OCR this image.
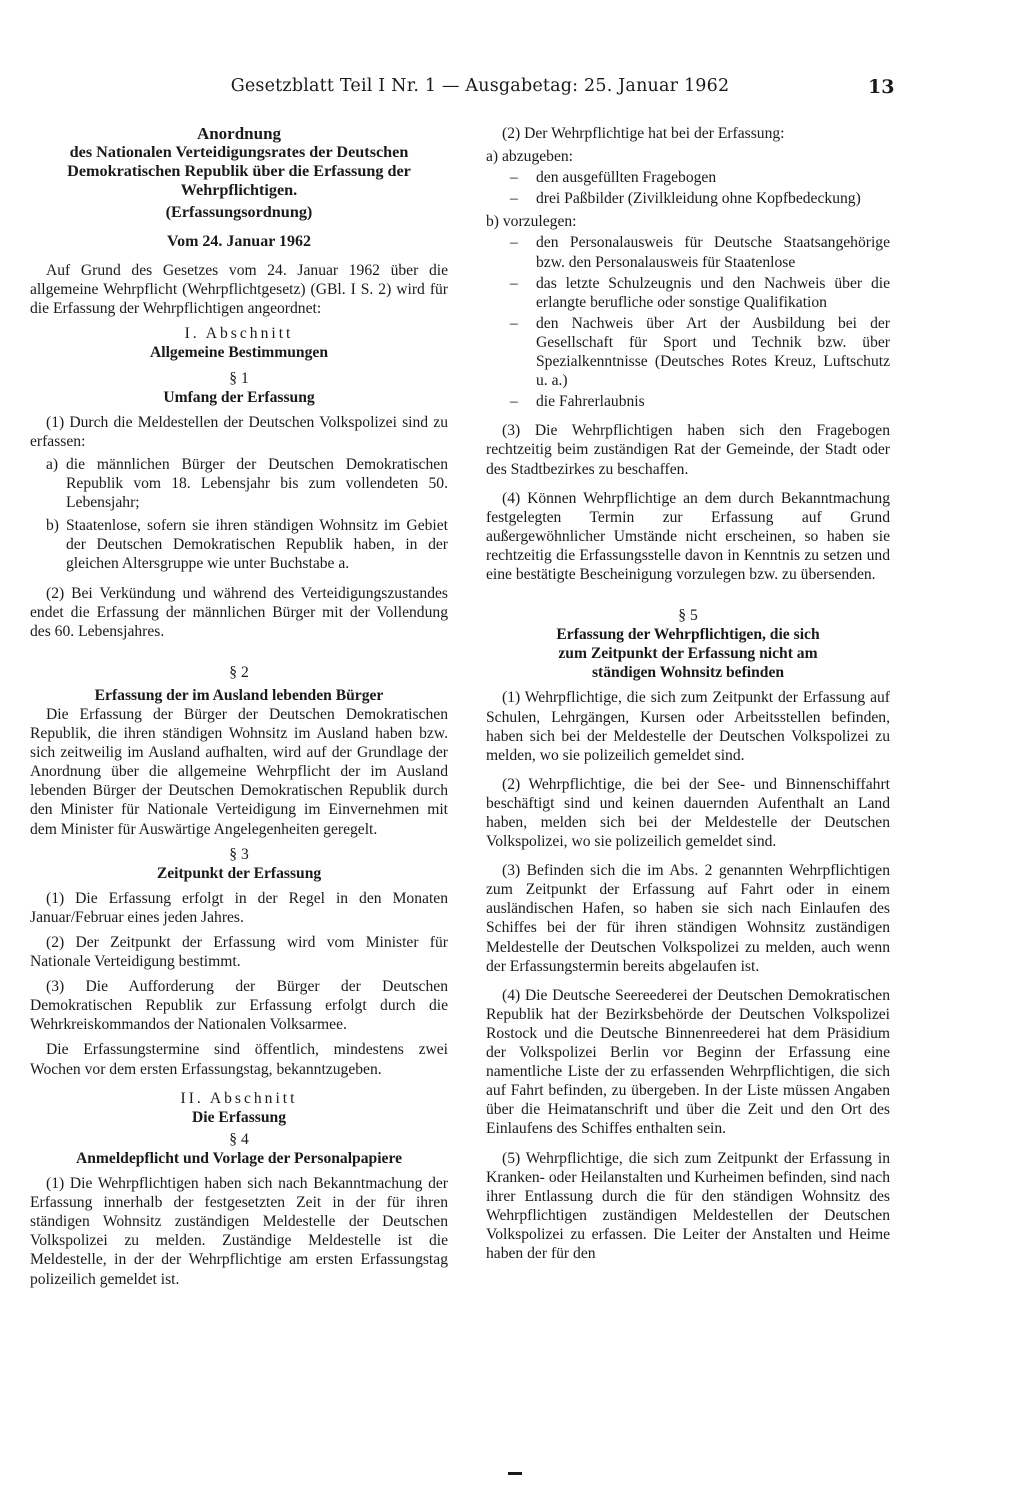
Gesetzblatt Teil I Nr. 1 — Ausgabetag: 25. Januar 1962	13
Anordnung
des Nationalen Verteidigungsrates der Deutschen
Demokratischen Republik über die Erfassung der
Wehrpflichtigen.
(Erfassungsordnung)
Vom 24. Januar 1962

Auf Grund des Gesetzes vom 24. Januar 1962 über die allgemeine Wehrpflicht (Wehrpflichtgesetz) (GBl. I S. 2) wird für die Erfassung der Wehrpflichtigen angeordnet:

I. Abschnitt
Allgemeine Bestimmungen
§ 1
Umfang der Erfassung

(1) Durch die Meldestellen der Deutschen Volkspolizei sind zu erfassen:

a) die männlichen Bürger der Deutschen Demokratischen Republik vom 18. Lebensjahr bis zum vollendeten 50. Lebensjahr;
b) Staatenlose, sofern sie ihren ständigen Wohnsitz im Gebiet der Deutschen Demokratischen Republik haben, in der gleichen Altersgruppe wie unter Buchstabe a.

(2) Bei Verkündung und während des Verteidigungszustandes endet die Erfassung der männlichen Bürger mit der Vollendung des 60. Lebensjahres.

§ 2
Erfassung der im Ausland lebenden Bürger

Die Erfassung der Bürger der Deutschen Demokratischen Republik, die ihren ständigen Wohnsitz im Ausland haben bzw. sich zeitweilig im Ausland aufhalten, wird auf der Grundlage der Anordnung über die allgemeine Wehrpflicht der im Ausland lebenden Bürger der Deutschen Demokratischen Republik durch den Minister für Nationale Verteidigung im Einvernehmen mit dem Minister für Auswärtige Angelegenheiten geregelt.

§ 3
Zeitpunkt der Erfassung

(1) Die Erfassung erfolgt in der Regel in den Monaten Januar/Februar eines jeden Jahres.

(2) Der Zeitpunkt der Erfassung wird vom Minister für Nationale Verteidigung bestimmt.

(3) Die Aufforderung der Bürger der Deutschen Demokratischen Republik zur Erfassung erfolgt durch die Wehrkreiskommandos der Nationalen Volksarmee.

Die Erfassungstermine sind öffentlich, mindestens zwei Wochen vor dem ersten Erfassungstag, bekanntzugeben.

II. Abschnitt
Die Erfassung
§ 4
Anmeldepflicht und Vorlage der Personalpapiere

(1) Die Wehrpflichtigen haben sich nach Bekanntmachung der Erfassung innerhalb der festgesetzten Zeit in der für ihren ständigen Wohnsitz zuständigen Meldestelle der Deutschen Volkspolizei zu melden. Zuständige Meldestelle ist die Meldestelle, in der der Wehrpflichtige am ersten Erfassungstag polizeilich gemeldet ist.

(2) Der Wehrpflichtige hat bei der Erfassung:

a) abzugeben:
– den ausgefüllten Fragebogen
– drei Paßbilder (Zivilkleidung ohne Kopfbedeckung)
b) vorzulegen:
– den Personalausweis für Deutsche Staatsangehörige bzw. den Personalausweis für Staatenlose
– das letzte Schulzeugnis und den Nachweis über die erlangte berufliche oder sonstige Qualifikation
– den Nachweis über Art der Ausbildung bei der Gesellschaft für Sport und Technik bzw. über Spezialkenntnisse (Deutsches Rotes Kreuz, Luftschutz u. a.)
– die Fahrerlaubnis

(3) Die Wehrpflichtigen haben sich den Fragebogen rechtzeitig beim zuständigen Rat der Gemeinde, der Stadt oder des Stadtbezirkes zu beschaffen.

(4) Können Wehrpflichtige an dem durch Bekanntmachung festgelegten Termin zur Erfassung auf Grund außergewöhnlicher Umstände nicht erscheinen, so haben sie rechtzeitig die Erfassungsstelle davon in Kenntnis zu setzen und eine bestätigte Bescheinigung vorzulegen bzw. zu übersenden.

§ 5
Erfassung der Wehrpflichtigen, die sich
zum Zeitpunkt der Erfassung nicht am
ständigen Wohnsitz befinden

(1) Wehrpflichtige, die sich zum Zeitpunkt der Erfassung auf Schulen, Lehrgängen, Kursen oder Arbeitsstellen befinden, haben sich bei der Meldestelle der Deutschen Volkspolizei zu melden, wo sie polizeilich gemeldet sind.

(2) Wehrpflichtige, die bei der See- und Binnenschiffahrt beschäftigt sind und keinen dauernden Aufenthalt an Land haben, melden sich bei der Meldestelle der Deutschen Volkspolizei, wo sie polizeilich gemeldet sind.

(3) Befinden sich die im Abs. 2 genannten Wehrpflichtigen zum Zeitpunkt der Erfassung auf Fahrt oder in einem ausländischen Hafen, so haben sie sich nach Einlaufen des Schiffes bei der für ihren ständigen Wohnsitz zuständigen Meldestelle der Deutschen Volkspolizei zu melden, auch wenn der Erfassungstermin bereits abgelaufen ist.

(4) Die Deutsche Seereederei der Deutschen Demokratischen Republik hat der Bezirksbehörde der Deutschen Volkspolizei Rostock und die Deutsche Binnenreederei hat dem Präsidium der Volkspolizei Berlin vor Beginn der Erfassung eine namentliche Liste der zu erfassenden Wehrpflichtigen, die sich auf Fahrt befinden, zu übergeben. In der Liste müssen Angaben über die Heimatanschrift und über die Zeit und den Ort des Einlaufens des Schiffes enthalten sein.

(5) Wehrpflichtige, die sich zum Zeitpunkt der Erfassung in Kranken- oder Heilanstalten und Kurheimen befinden, sind nach ihrer Entlassung durch die für den ständigen Wohnsitz des Wehrpflichtigen zuständigen Meldestellen der Deutschen Volkspolizei zu erfassen. Die Leiter der Anstalten und Heime haben der für den
